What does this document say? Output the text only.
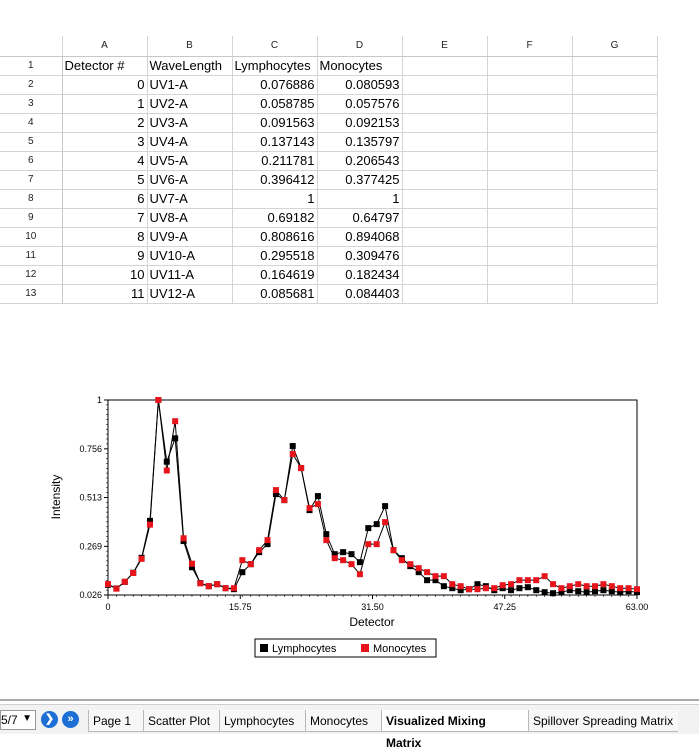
	A	B	C	D	E	F	G
1	Detector #	WaveLength	Lymphocytes	Monocytes			
2	0	UV1-A	0.076886	0.080593			
3	1	UV2-A	0.058785	0.057576			
4	2	UV3-A	0.091563	0.092153			
5	3	UV4-A	0.137143	0.135797			
6	4	UV5-A	0.211781	0.206543			
7	5	UV6-A	0.396412	0.377425			
8	6	UV7-A	1	1			
9	7	UV8-A	0.69182	0.64797			
10	8	UV9-A	0.808616	0.894068			
11	9	UV10-A	0.295518	0.309476			
12	10	UV11-A	0.164619	0.182434			
13	11	UV12-A	0.085681	0.084403			
0.026
0.269
0.513
0.756
1
0	15.75	31.50	47.25	63.00
Intensity
Detector
Lymphocytes	Monocytes
5/7 ▼	❯	»	Page 1	Scatter Plot	Lymphocytes	Monocytes	Visualized Mixing Matrix
Spillover Spreading Matrix
